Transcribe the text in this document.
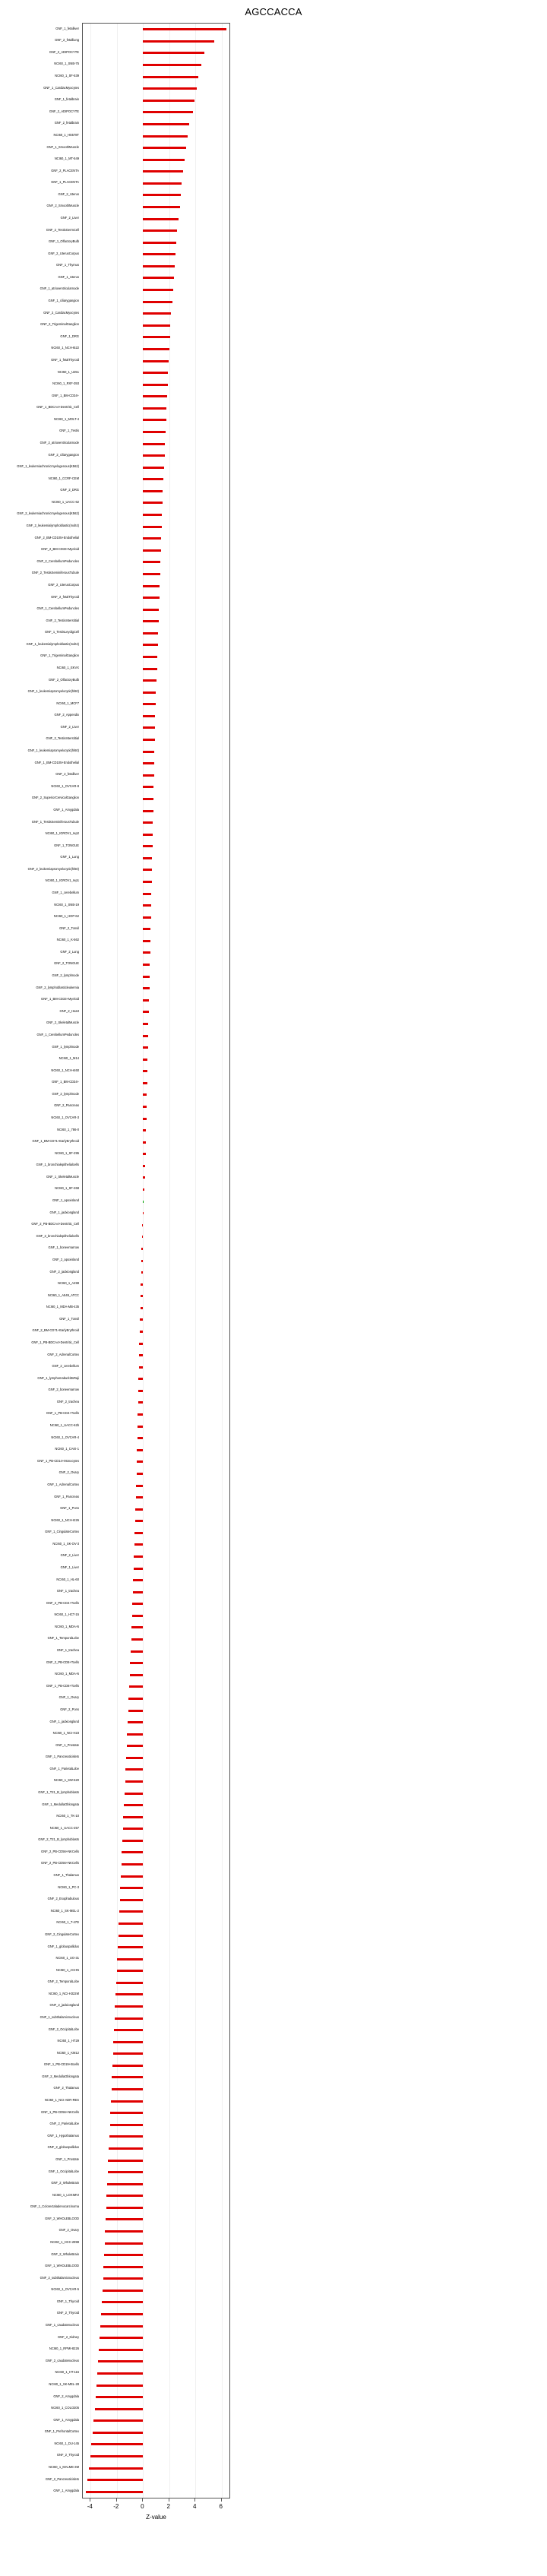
AGCCACCA
GNF_1_fetalliver
GNF_2_fetalliung
GNF_2_ADIPOCYTE
NCI60_1_SNB-75
NCI60_1_SF-539
GNF_1_CardiacMyocytes
GNF_1_fetalbrain
GNF_2_ADIPOCYTE
GNF_2_fetalbrain
NCI60_1_HS578T
GNF_1_SmoothMuscle
NCI60_1_MT-549
GNF_2_PLACENTA
GNF_1_PLACENTA
GNF_2_Uterus
GNF_2_SmoothMuscle
GNF_2_Liver
GNF_2_TestisGermCell
GNF_1_OlfactoryBulb
GNF_2_UterusCorpus
GNF_1_Thymus
GNF_1_Uterus
GNF_1_atrioventricularnode
GNF_1_ciliarygangion
GNF_2_CardiacMyocytes
GNF_2_TrigeminalGanglion
GNF_1_DRG
NCI60_1_NCI-H522
GNF_1_fetalThyroid
NCI60_1_U251
NCI60_1_RXF-393
GNF_1_BM-CD34+
GNF_1_BDCA4+Dentritic_Cell
NCI60_1_MOLT-4
GNF_1_Testis
GNF_2_atrioventricularnode
GNF_2_ciliarygangion
GNF_1_leukemiachronicmyelogenous(K562)
NCI60_1_CCRF-CEM
GNF_2_DRG
NCI60_1_UACC-62
GNF_2_leukemiachronicmyelogenous(K562)
GNF_2_leukemialymphoblastic(molt4)
GNF_2_BM-CD105+Endothelial
GNF_2_BM-CD33+Myeloid
GNF_2_CerebellumPeduncles
GNF_2_TestisSeminiferousTubule
GNF_2_UterusCorpus
GNF_2_fetalThyroid
GNF_1_CerebellumPeduncles
GNF_2_TestisInterstitial
GNF_1_TestisLeydigCell
GNF_1_leukemialymphoblastic(molt4)
GNF_1_TrigeminalGanglion
NCI60_1_EKVX
GNF_2_OlfactoryBulb
GNF_1_leukemiapromyelocytic(hl60)
NCI60_1_MCF7
GNF_2_Appendix
GNF_2_Liver
GNF_2_TestisInterstitial
GNF_1_leukemiapromyelocytic(hl60)
GNF_1_BM-CD105+Endothelial
GNF_2_fetalliver
NCI60_1_OVCAR-8
GNF_2_SuperiorCervicalGanglion
GNF_1_Amygdala
GNF_1_TestisSeminiferousTubule
NCI60_1_IGROV1_rep2
GNF_1_TONGUE
GNF_1_Lung
GNF_2_leukemiapromyelocytic(hl60)
NCI60_1_IGROV1_rep1
GNF_1_cerebellum
NCI60_1_SNB-19
NCI60_1_HOP-62
GNF_2_Tonsil
NCI60_1_K-562
GNF_2_Lung
GNF_2_TONGUE
GNF_2_lymphnode
GNF_2_lymphoblasticleukemia
GNF_1_BM-CD33+Myeloid
GNF_2_Heart
GNF_2_SkeletalMuscle
GNF_1_CerebellumPeduncles
GNF_1_lymphnode
NCI60_1_M14
NCI60_1_NCI-H460
GNF_1_BM-CD34+
GNF_2_lymphnode
GNF_2_Pancreas
NCI60_1_OVCAR-3
NCI60_1_786-0
GNF_1_BM-CD71+EarlyErythroid
NCI60_1_SF-295
GNF_1_bronchialepithelialcells
GNF_1_SkeletalMuscle
NCI60_1_SF-268
GNF_1_apoxisland
GNF_1_jadxiongland
GNF_2_PB-BDCA4+Dentritic_Cell
GNF_2_bronchialepithelialcells
GNF_1_boneemarrow
GNF_2_apoxisland
GNF_2_jadxiongland
NCI60_1_A498
NCI60_1_A549_ATCC
NCI60_1_MDA-MB-435
GNF_1_Tonsil
GNF_2_BM-CD71+EarlyErythroid
GNF_1_PB-BDCA4+Dentritic_Cell
GNF_2_AdrenalCortex
GNF_2_cerebellum
GNF_1_lymphomaburkittsRaji
GNF_2_boneemarrow
GNF_2_trachea
GNF_1_PB-CD4+Tcells
NCI60_1_UACC-62b
NCI60_1_OVCAR-4
NCI60_1_CAKI-1
GNF_1_PB-CD14+Monocytes
GNF_2_Ovary
GNF_1_AdrenalCortex
GNF_1_Pancreas
GNF_1_Pons
NCI60_1_NCI-H226
GNF_1_CingulateCortex
NCI60_1_SK-OV-3
GNF_2_Liver
GNF_1_Liver
NCI60_1_HL-60
GNF_1_trachea
GNF_2_PB-CD4+Tcells
NCI60_1_HCT-15
NCI60_1_MDA-N
GNF_1_TemporalLobe
GNF_1_trachea
GNF_2_PB-CD8+Tcells
NCI60_1_MDA-N
GNF_1_PB-CD8+Tcells
GNF_1_Ovary
GNF_2_Pons
GNF_1_jadxiongland
NCI60_1_NCI-H23
GNF_1_Prostate
GNF_1_Pancreaticislets
GNF_1_ParietalLobe
NCI60_1_SW-620
GNF_1_T21_B_lymphoblasts
GNF_1_MedullaOblongata
NCI60_1_TK-10
NCI60_1_UACC-257
GNF_2_T21_B_lymphoblasts
GNF_2_PB-CD56+NKCells
GNF_2_PB-CD56+NKCells
GNF_1_Thalamus
NCI60_1_PC-3
GNF_2_Esophabulous
NCI60_1_SK-MEL-2
NCI60_1_T-47D
GNF_2_CingulateCortex
GNF_1_globuspallidus
NCI60_1_UO-31
NCI60_1_ACHN
GNF_2_TemporalLobe
NCI60_1_NCI-H322M
GNF_2_jadxiongland
GNF_1_subthalamicnucleus
GNF_2_OccipitalLobe
NCI60_1_HT29
NCI60_1_KM12
GNF_1_PB-CD19+Bcells
GNF_2_MedullaOblongata
GNF_2_Thalamus
NCI60_1_NCI-ADR-RES
GNF_1_PB-CD56+NKCells
GNF_2_ParietalLobe
GNF_1_Hypothalamus
GNF_2_globuspallidus
GNF_1_Prostate
GNF_1_OccipitalLobe
GNF_2_WholeBrain
NCI60_1_LOXIMVI
GNF_1_Colorectaladenocarcinoma
GNF_2_WHOLEBLOOD
GNF_2_Ovary
NCI60_1_HCC-2998
GNF_2_WholeBrain
GNF_1_WHOLEBLOOD
GNF_2_subthalamicnucleus
NCI60_1_OVCAR-5
GNF_1_Thyroid
GNF_2_Thyroid
GNF_1_caudatenucleus
GNF_2_Kidney
NCI60_1_RPMI-8226
GNF_2_caudatenucleus
NCI60_1_HT-116
NCI60_1_SK-MEL-28
GNF_2_Amygdala
NCI60_1_COLO205
GNF_1_Amygdala
GNF_1_PrefrontalCortex
NCI60_1_DU-145
GNF_2_Thyroid
NCI60_1_MALME-3M
GNF_2_Pancreaticislets
GNF_1_Amygdala
-4	-2	0	2	4	6
Z-value
